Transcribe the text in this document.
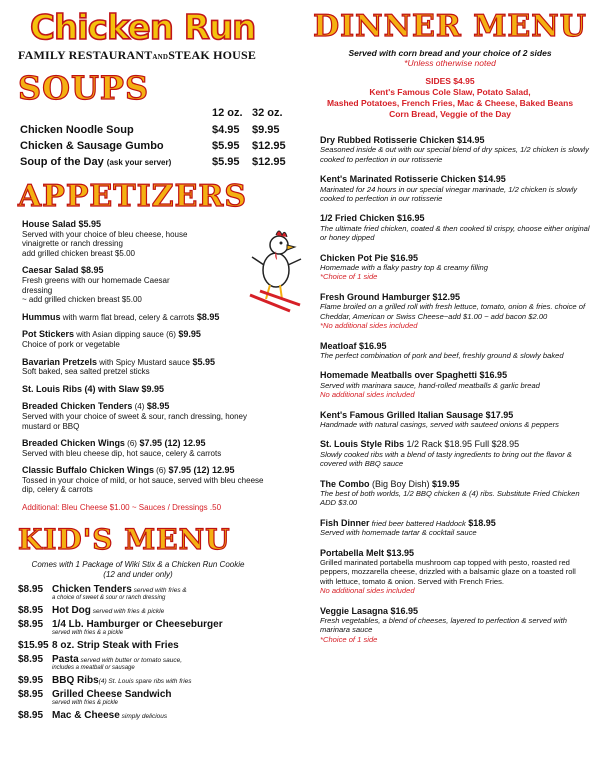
Chicken Run
FAMILY RESTAURANTANDSTEAK HOUSE
SOUPS
	12 oz.	32 oz.
Chicken Noodle Soup	$4.95	$9.95
Chicken & Sausage Gumbo	$5.95	$12.95
Soup of the Day (ask your server)	$5.95	$12.95
APPETIZERS
House Salad $5.95
Served with your choice of bleu cheese, house vinaigrette or ranch dressing
add grilled chicken breast $5.00
Caesar Salad $8.95
Fresh greens with our homemade Caesar dressing
~ add grilled chicken breast $5.00
Hummus with warm flat bread, celery & carrots $8.95
Pot Stickers with Asian dipping sauce (6) $9.95
Choice of pork or vegetable
Bavarian Pretzels with Spicy Mustard sauce $5.95
Soft baked, sea salted pretzel sticks
St. Louis Ribs (4) with Slaw $9.95
Breaded Chicken Tenders (4) $8.95
Served with your choice of sweet & sour, ranch dressing, honey mustard or BBQ
Breaded Chicken Wings (6) $7.95 (12) 12.95
Served with bleu cheese dip, hot sauce, celery & carrots
Classic Buffalo Chicken Wings (6) $7.95 (12) 12.95
Tossed in your choice of mild, or hot sauce, served with bleu cheese dip, celery & carrots
Additional: Bleu Cheese $1.00 ~ Sauces / Dressings .50
KID'S MENU
Comes with 1 Package of Wiki Stix & a Chicken Run Cookie
(12 and under only)
$8.95 Chicken Tenders served with fries &
a choice of sweet & sour or ranch dressing
$8.95 Hot Dog served with fries & pickle
$8.95 1/4 Lb. Hamburger or Cheeseburger
served with fries & a pickle
$15.95 8 oz. Strip Steak with Fries
$8.95 Pasta served with butter or tomato sauce,
includes a meatball or sausage
$9.95 BBQ Ribs(4) St. Louis spare ribs with fries
$8.95 Grilled Cheese Sandwich
served with fries & pickle
$8.95 Mac & Cheese simply delicious
DINNER MENU
Served with corn bread and your choice of 2 sides
*Unless otherwise noted
SIDES $4.95
Kent's Famous Cole Slaw, Potato Salad,
Mashed Potatoes, French Fries, Mac & Cheese, Baked Beans
Corn Bread, Veggie of the Day
Dry Rubbed Rotisserie Chicken $14.95
Seasoned inside & out with our special blend of dry spices, 1/2 chicken is slowly cooked to perfection in our rotisserie
Kent's Marinated Rotisserie Chicken $14.95
Marinated for 24 hours in our special vinegar marinade, 1/2 chicken is slowly cooked to perfection in our rotisserie
1/2 Fried Chicken $16.95
The ultimate fried chicken, coated & then cooked til crispy, choose either original or honey dipped
Chicken Pot Pie $16.95
Homemade with a flaky pastry top & creamy filling
*Choice of 1 side
Fresh Ground Hamburger $12.95
Flame broiled on a grilled roll with fresh lettuce, tomato, onion & fries. choice of Cheddar, American or Swiss Cheese~add $1.00 ~ add bacon $2.00
*No additional sides included
Meatloaf $16.95
The perfect combination of pork and beef, freshly ground & slowly baked
Homemade Meatballs over Spaghetti $16.95
Served with marinara sauce, hand-rolled meatballs & garlic bread
No additional sides included
Kent's Famous Grilled Italian Sausage $17.95
Handmade with natural casings, served with sauteed onions & peppers
St. Louis Style Ribs 1/2 Rack $18.95 Full $28.95
Slowly cooked ribs with a blend of tasty ingredients to bring out the flavor & covered with BBQ sauce
The Combo (Big Boy Dish) $19.95
The best of both worlds, 1/2 BBQ chicken & (4) ribs. Substitute Fried Chicken ADD $3.00
Fish Dinner fried beer battered Haddock $18.95
Served with homemade tartar & cocktail sauce
Portabella Melt $13.95
Grilled marinated portabella mushroom cap topped with pesto, roasted red peppers, mozzarella cheese, drizzled with a balsamic glaze on a toasted roll with lettuce, tomato & onion. Served with French Fries.
No additional sides included
Veggie Lasagna $16.95
Fresh vegetables, a blend of cheeses, layered to perfection & served with marinara sauce
*Choice of 1 side
